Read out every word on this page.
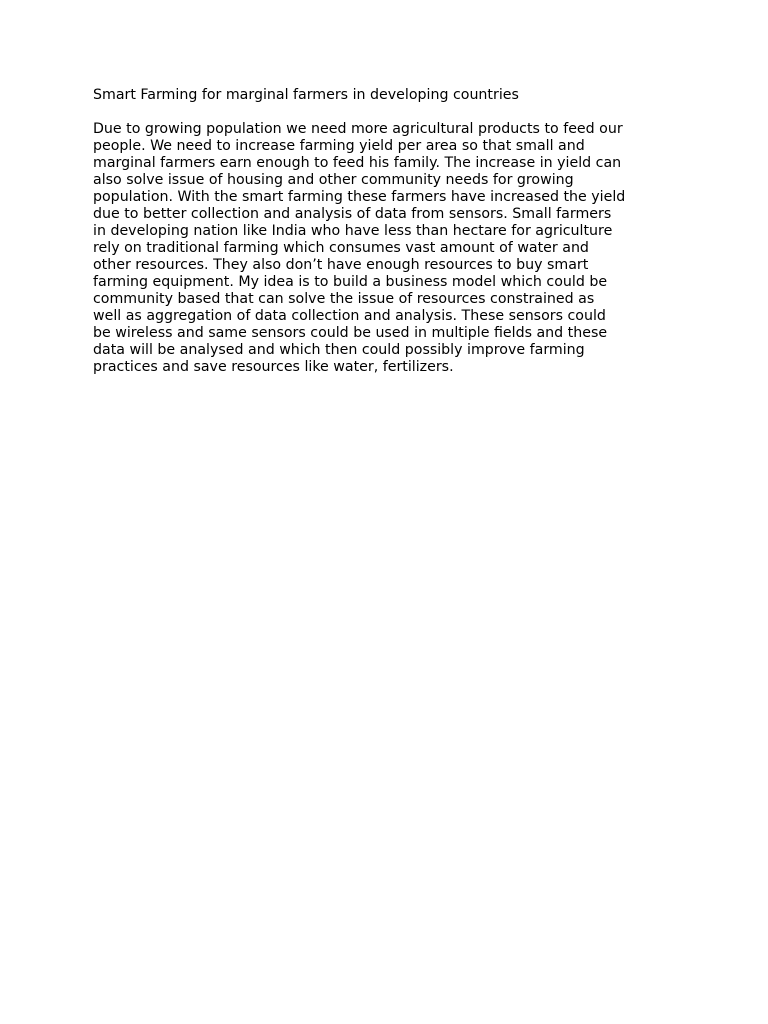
Smart Farming for marginal farmers in developing countries

Due to growing population we need more agricultural products to feed our
people. We need to increase farming yield per area so that small and
marginal farmers earn enough to feed his family. The increase in yield can
also solve issue of housing and other community needs for growing
population. With the smart farming these farmers have increased the yield
due to better collection and analysis of data from sensors. Small farmers
in developing nation like India who have less than hectare for agriculture
rely on traditional farming which consumes vast amount of water and
other resources. They also don’t have enough resources to buy smart
farming equipment. My idea is to build a business model which could be
community based that can solve the issue of resources constrained as
well as aggregation of data collection and analysis. These sensors could
be wireless and same sensors could be used in multiple fields and these
data will be analysed and which then could possibly improve farming
practices and save resources like water, fertilizers.
